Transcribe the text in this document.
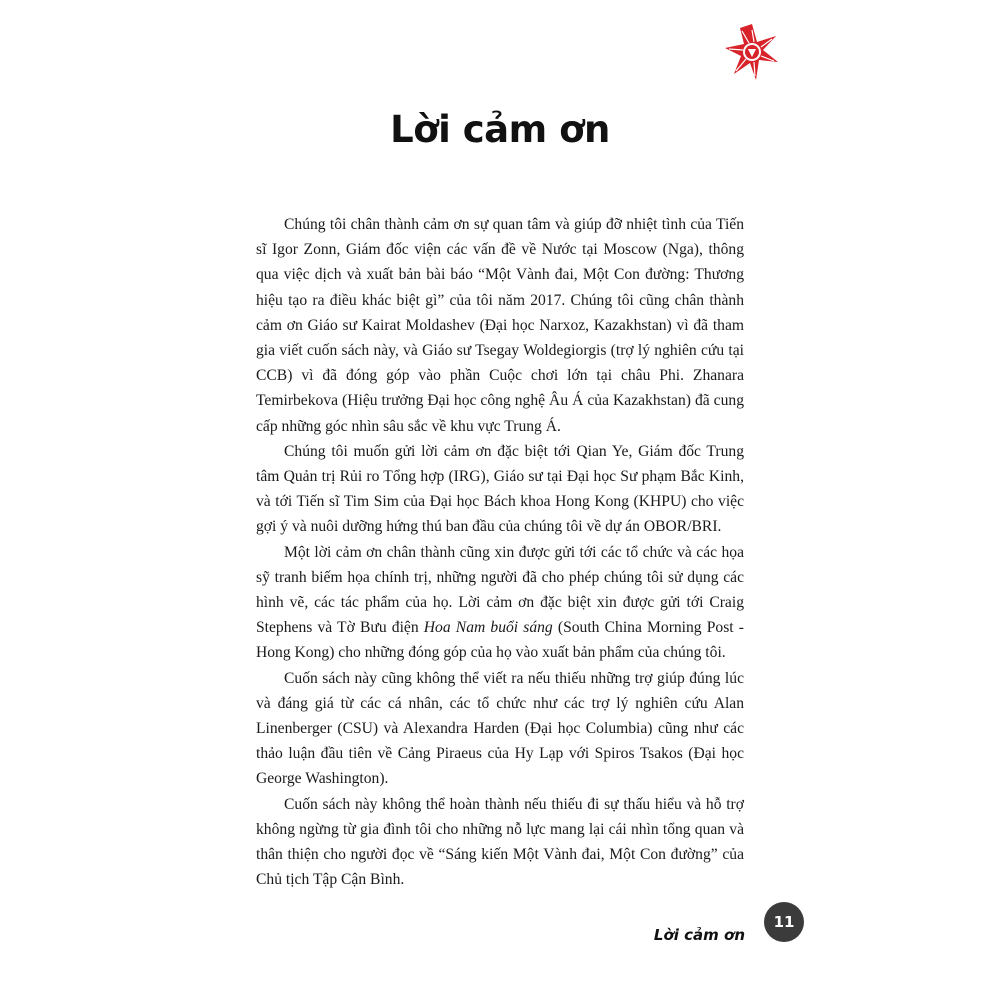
Lời cảm ơn

Chúng tôi chân thành cảm ơn sự quan tâm và giúp đỡ nhiệt tình của Tiến sĩ Igor Zonn, Giám đốc viện các vấn đề về Nước tại Moscow (Nga), thông qua việc dịch và xuất bản bài báo “Một Vành đai, Một Con đường: Thương hiệu tạo ra điều khác biệt gì” của tôi năm 2017. Chúng tôi cũng chân thành cảm ơn Giáo sư Kairat Moldashev (Đại học Narxoz, Kazakhstan) vì đã tham gia viết cuốn sách này, và Giáo sư Tsegay Woldegiorgis (trợ lý nghiên cứu tại CCB) vì đã đóng góp vào phần Cuộc chơi lớn tại châu Phi. Zhanara Temirbekova (Hiệu trưởng Đại học công nghệ Âu Á của Kazakhstan) đã cung cấp những góc nhìn sâu sắc về khu vực Trung Á.

Chúng tôi muốn gửi lời cảm ơn đặc biệt tới Qian Ye, Giám đốc Trung tâm Quản trị Rủi ro Tổng hợp (IRG), Giáo sư tại Đại học Sư phạm Bắc Kinh, và tới Tiến sĩ Tim Sim của Đại học Bách khoa Hong Kong (KHPU) cho việc gợi ý và nuôi dưỡng hứng thú ban đầu của chúng tôi về dự án OBOR/BRI.

Một lời cảm ơn chân thành cũng xin được gửi tới các tổ chức và các họa sỹ tranh biếm họa chính trị, những người đã cho phép chúng tôi sử dụng các hình vẽ, các tác phẩm của họ. Lời cảm ơn đặc biệt xin được gửi tới Craig Stephens và Tờ Bưu điện Hoa Nam buổi sáng (South China Morning Post - Hong Kong) cho những đóng góp của họ vào xuất bản phẩm của chúng tôi.

Cuốn sách này cũng không thể viết ra nếu thiếu những trợ giúp đúng lúc và đáng giá từ các cá nhân, các tổ chức như các trợ lý nghiên cứu Alan Linenberger (CSU) và Alexandra Harden (Đại học Columbia) cũng như các thảo luận đầu tiên về Cảng Piraeus của Hy Lạp với Spiros Tsakos (Đại học George Washington).

Cuốn sách này không thể hoàn thành nếu thiếu đi sự thấu hiểu và hỗ trợ không ngừng từ gia đình tôi cho những nỗ lực mang lại cái nhìn tổng quan và thân thiện cho người đọc về “Sáng kiến Một Vành đai, Một Con đường” của Chủ tịch Tập Cận Bình.

Lời cảm ơn
11
